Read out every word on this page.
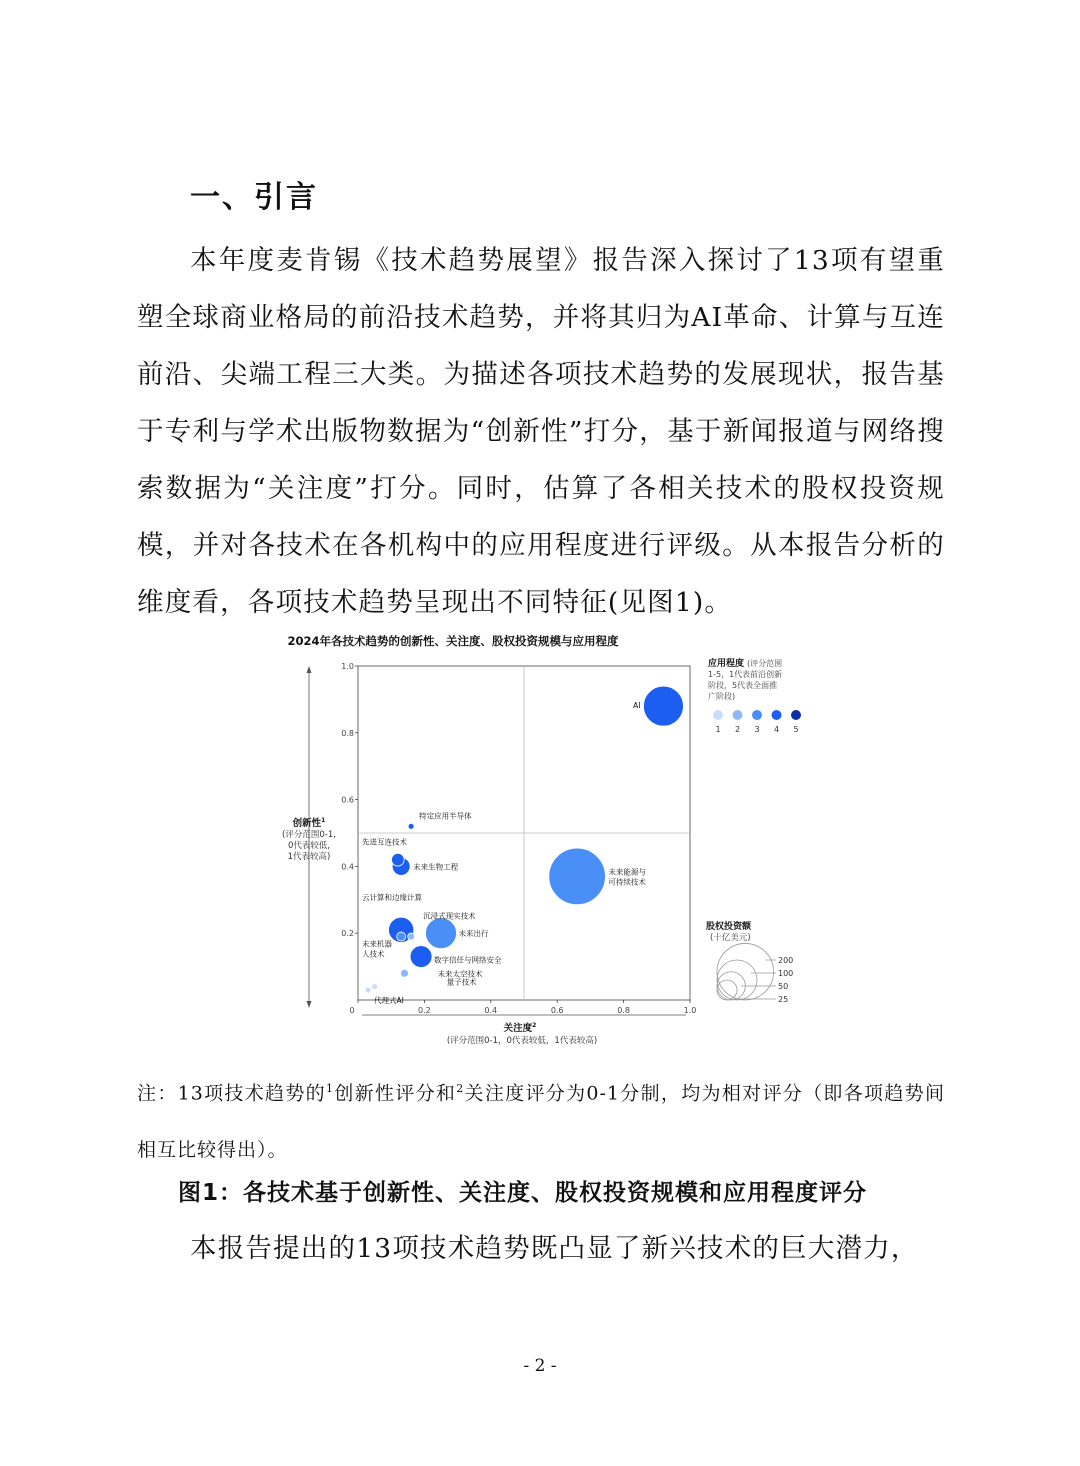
一、引言

本年度麦肯锡《技术趋势展望》报告深入探讨了13项有望重塑全球商业格局的前沿技术趋势，并将其归为AI革命、计算与互连前沿、尖端工程三大类。为描述各项技术趋势的发展现状，报告基于专利与学术出版物数据为“创新性”打分，基于新闻报道与网络搜索数据为“关注度”打分。同时，估算了各相关技术的股权投资规模，并对各技术在各机构中的应用程度进行评级。从本报告分析的维度看，各项技术趋势呈现出不同特征(见图1)。

2024年各技术趋势的创新性、关注度、股权投资规模与应用程度
0.2
0.4
0.6
0.8
1.0
0	0.2	0.4	0.6	0.8	1.0
创新性$^1$
(评分范围0-1,
0代表较低,
1代表较高)
关注度$^2$
(评分范围0-1，0代表较低，1代表较高)
AI
特定应用半导体
先进互连技术
未来生物工程
未来能源与可持续技术
云计算和边缘计算
沉浸式现实技术
未来出行
未来机器人技术
数字信任与网络安全
未来太空技术
量子技术
代理式AI
应用程度 (评分范围
1-5，1代表前沿创新
阶段，5代表全面推
广阶段)
1 2 3 4 5
股权投资额
(十亿美元)
200
100
50
25

注：13项技术趋势的$^1$创新性评分和$^2$关注度评分为0-1分制，均为相对评分（即各项趋势间相互比较得出）。

图1：各技术基于创新性、关注度、股权投资规模和应用程度评分

本报告提出的13项技术趋势既凸显了新兴技术的巨大潜力，

- 2 -
